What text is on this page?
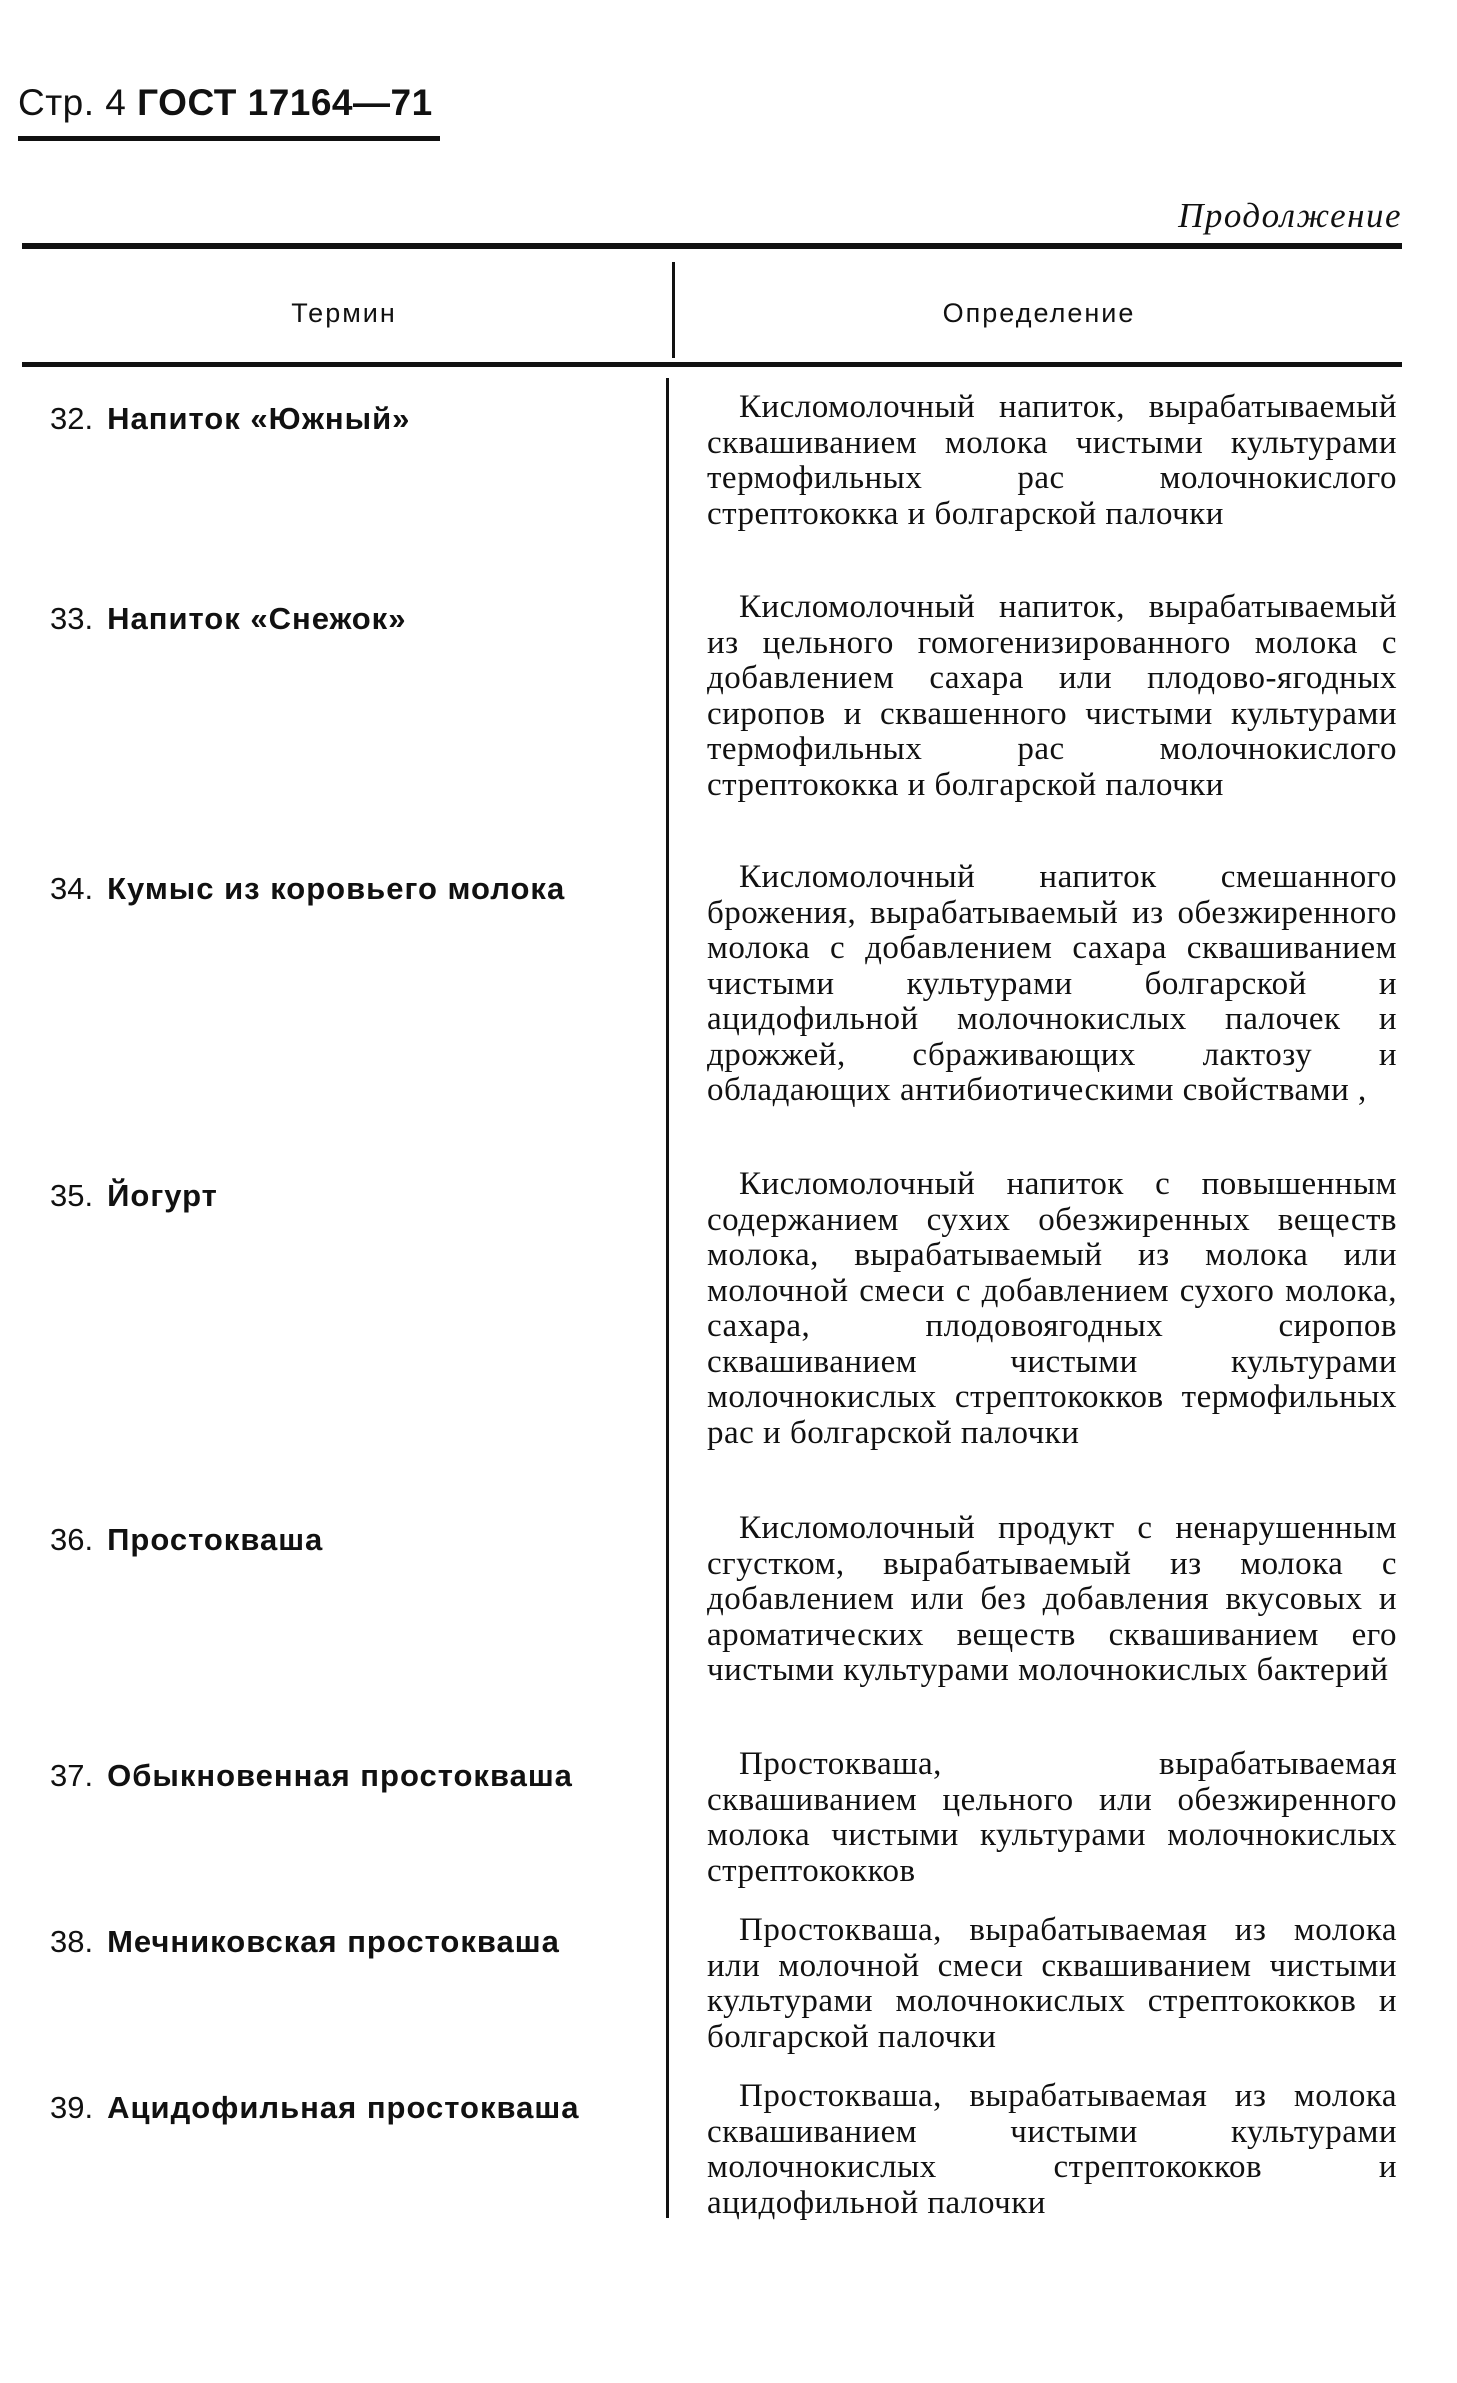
Стр. 4 ГОСТ 17164—71
Продолжение
Термин	Определение
32. Напиток «Южный»	Кисломолочный напиток, вырабатываемый сквашиванием молока чистыми культурами термофильных рас молочнокислого стрептококка и болгарской палочки
33. Напиток «Снежок»	Кисломолочный напиток, вырабатываемый из цельного гомогенизированного молока с добавлением сахара или плодово-ягодных сиропов и сквашенного чистыми культурами термофильных рас молочнокислого стрептококка и болгарской палочки
34. Кумыс из коровьего молока	Кисломолочный напиток смешанного брожения, вырабатываемый из обезжиренного молока с добавлением сахара сквашиванием чистыми культурами болгарской и ацидофильной молочнокислых палочек и дрожжей, сбраживающих лактозу и обладающих антибиотическими свойствами ,
35. Йогурт	Кисломолочный напиток с повышенным содержанием сухих обезжиренных веществ молока, вырабатываемый из молока или молочной смеси с добавлением сухого молока, сахара, плодовоягодных сиропов сквашиванием чистыми культурами молочнокислых стрептококков термофильных рас и болгарской палочки
36. Простокваша	Кисломолочный продукт с ненарушенным сгустком, вырабатываемый из молока с добавлением или без добавления вкусовых и ароматических веществ сквашиванием его чистыми культурами молочнокислых бактерий
37. Обыкновенная простокваша	Простокваша, вырабатываемая сквашиванием цельного или обезжиренного молока чистыми культурами молочнокислых стрептококков
38. Мечниковская простокваша	Простокваша, вырабатываемая из молока или молочной смеси сквашиванием чистыми культурами молочнокислых стрептококков и болгарской палочки
39. Ацидофильная простокваша	Простокваша, вырабатываемая из молока сквашиванием чистыми культурами молочнокислых стрептококков и ацидофильной палочки
